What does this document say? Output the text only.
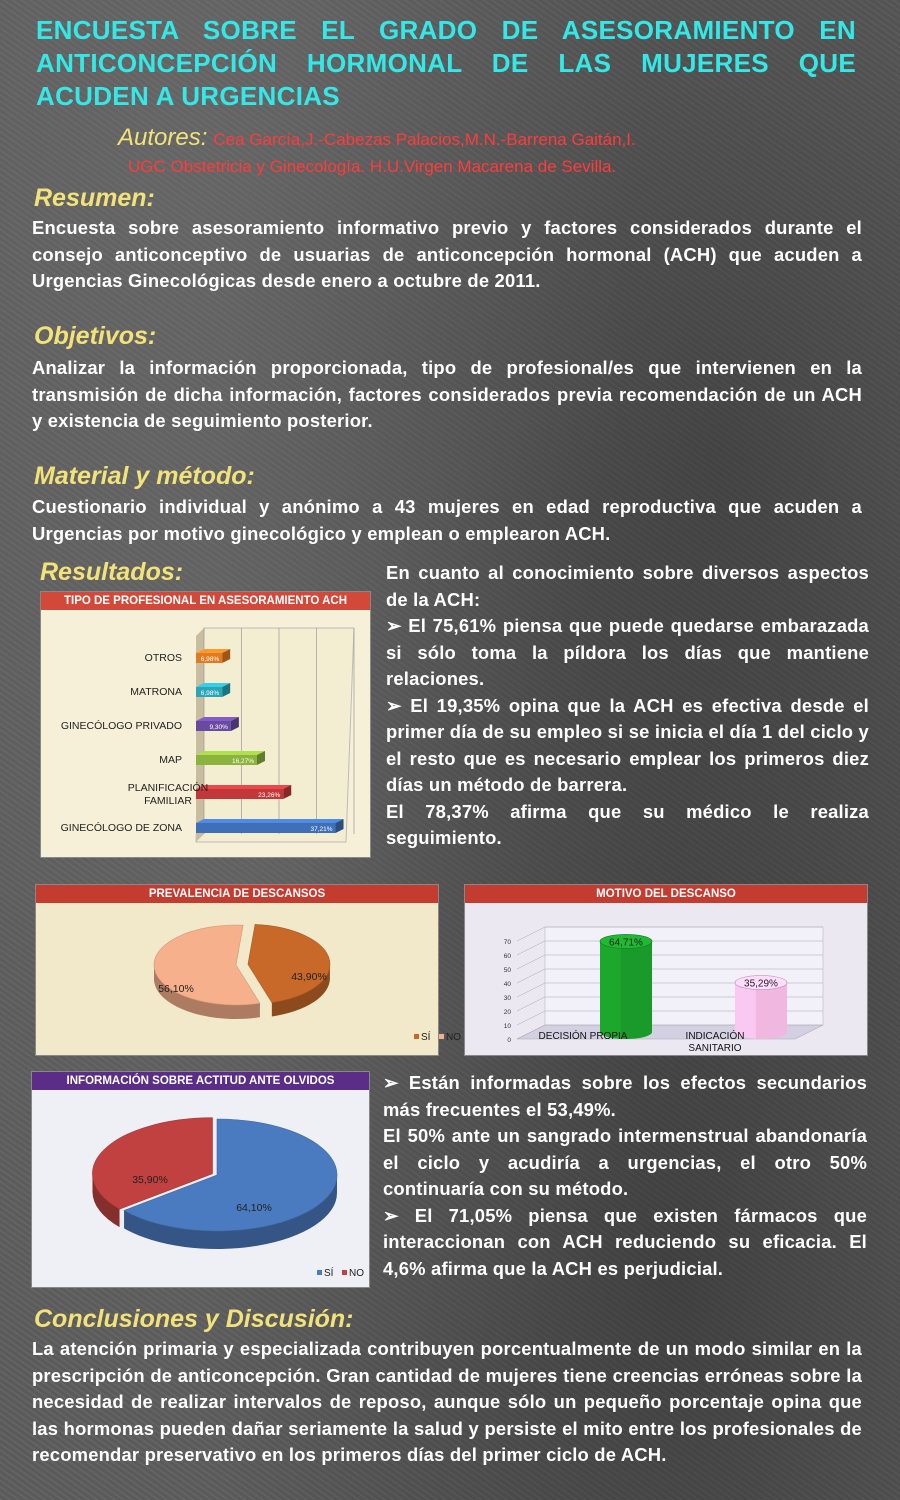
ENCUESTA SOBRE EL GRADO DE ASESORAMIENTO EN ANTICONCEPCIÓN HORMONAL DE LAS MUJERES QUE ACUDEN A URGENCIAS
Autores: Cea García,J.-Cabezas Palacios,M.N.-Barrena Gaitán,I.
UGC Obstetricia y Ginecología. H.U.Virgen Macarena de Sevilla.
Resumen:
Encuesta sobre asesoramiento informativo previo y factores considerados durante el consejo anticonceptivo de usuarias de anticoncepción hormonal (ACH) que acuden a Urgencias Ginecológicas desde enero a octubre de 2011.
Objetivos:
Analizar la información proporcionada, tipo de profesional/es que intervienen en la transmisión de dicha información, factores considerados previa recomendación de un ACH y existencia de seguimiento posterior.
Material y método:
Cuestionario individual y anónimo a 43 mujeres en edad reproductiva que acuden a Urgencias por motivo ginecológico y emplean o emplearon ACH.
Resultados:
TIPO DE PROFESIONAL EN ASESORAMIENTO ACH
6,98%
OTROS
6,98%
MATRONA
9,30%
GINECÓLOGO PRIVADO
16,27%
MAP
23,26%
PLANIFICACIÓN
FAMILIAR
37,21%
GINECÓLOGO DE ZONA
En cuanto al conocimiento sobre diversos aspectos de la ACH:
➢ El 75,61% piensa que puede quedarse embarazada si sólo toma la píldora los días que mantiene relaciones.
➢ El 19,35% opina que la ACH es efectiva desde el primer día de su empleo si se inicia el día 1 del ciclo y el resto que es necesario emplear los primeros diez días un método de barrera.
El 78,37% afirma que su médico le realiza seguimiento.
PREVALENCIA DE DESCANSOS
43,90%
56,10%
SÍ NO
MOTIVO DEL DESCANSO
0
10
20
30
40
50
60
70	64,71%
35,29%
DECISIÓN PROPIA	INDICACIÓN
SANITARIO
INFORMACIÓN SOBRE ACTITUD ANTE OLVIDOS
64,10%
35,90%
SÍ NO
➢ Están informadas sobre los efectos secundarios más frecuentes el 53,49%.
El 50% ante un sangrado intermenstrual abandonaría el ciclo y acudiría a urgencias, el otro 50% continuaría con su método.
➢ El 71,05% piensa que existen fármacos que interaccionan con ACH reduciendo su eficacia. El 4,6% afirma que la ACH es perjudicial.
Conclusiones y Discusión:
La atención primaria y especializada contribuyen porcentualmente de un modo similar en la prescripción de anticoncepción. Gran cantidad de mujeres tiene creencias erróneas sobre la necesidad de realizar intervalos de reposo, aunque sólo un pequeño porcentaje opina que las hormonas pueden dañar seriamente la salud y persiste el mito entre los profesionales de recomendar preservativo en los primeros días del primer ciclo de ACH.
